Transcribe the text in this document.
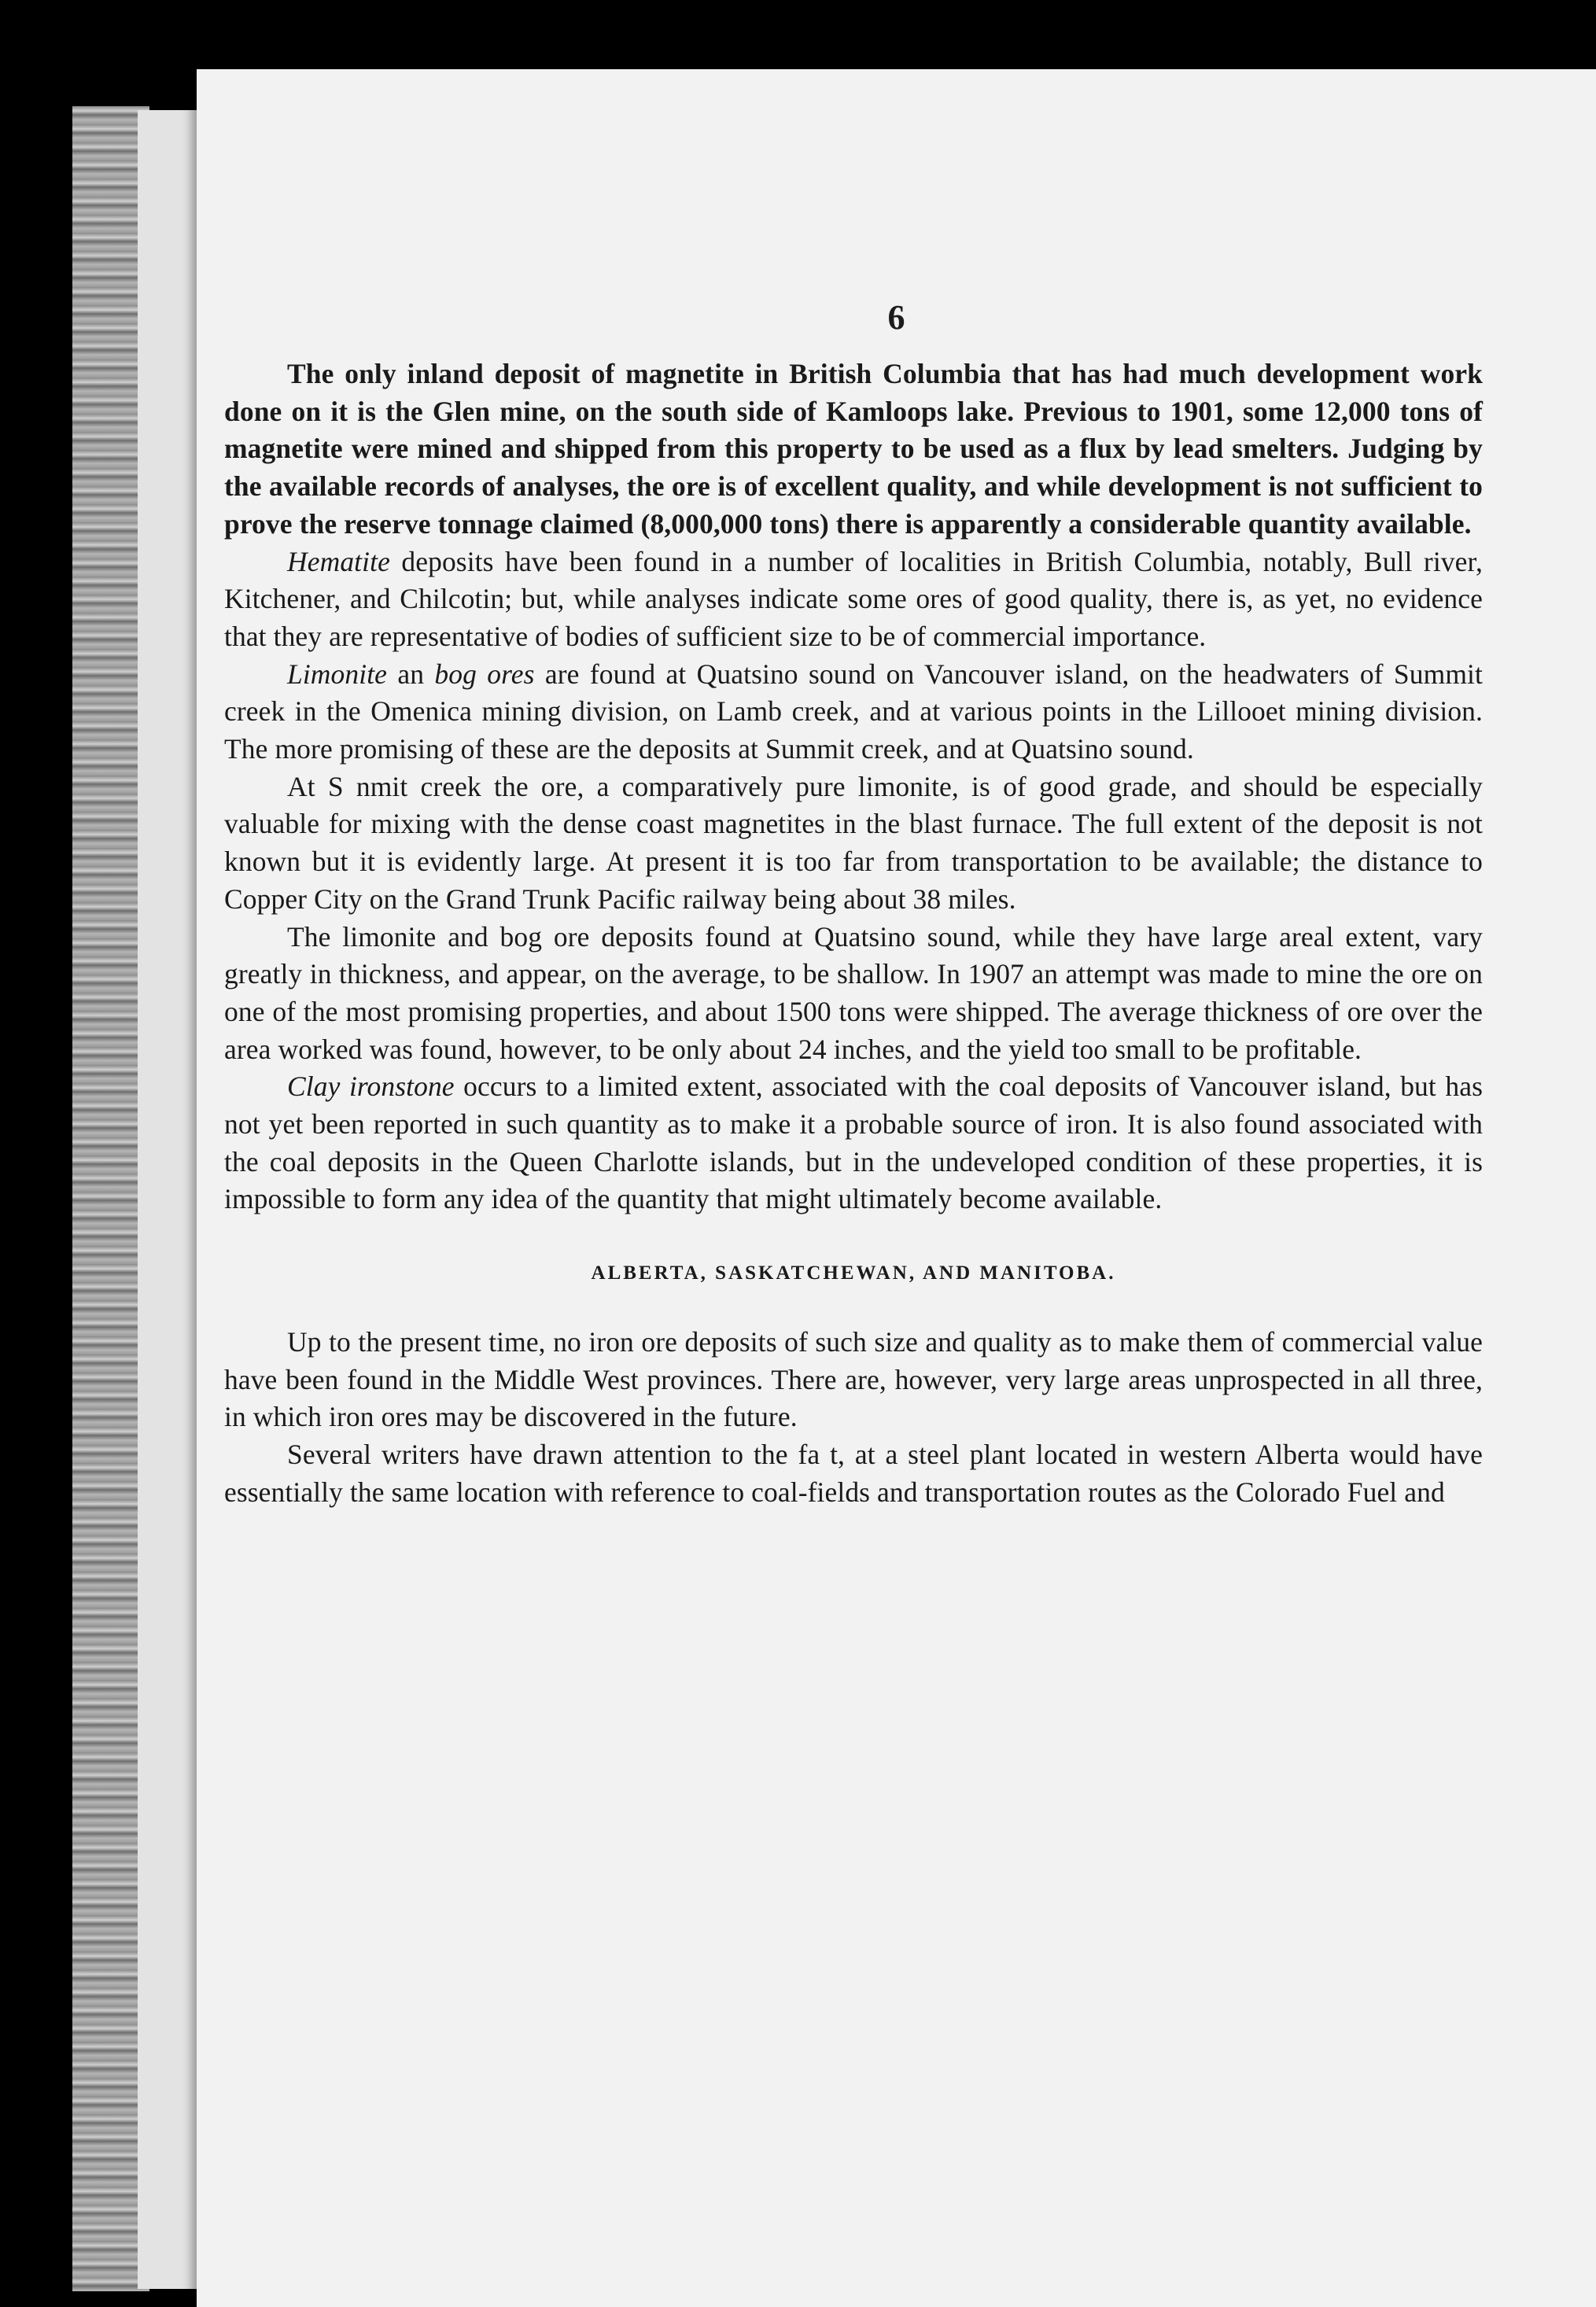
6

The only inland deposit of magnetite in British Columbia that has had much development work done on it is the Glen mine, on the south side of Kamloops lake. Previous to 1901, some 12,000 tons of magnetite were mined and shipped from this property to be used as a flux by lead smelters. Judging by the available records of analyses, the ore is of excellent quality, and while development is not sufficient to prove the reserve tonnage claimed (8,000,000 tons) there is apparently a considerable quantity available.

Hematite deposits have been found in a number of localities in British Columbia, notably, Bull river, Kitchener, and Chilcotin; but, while analyses indicate some ores of good quality, there is, as yet, no evidence that they are representative of bodies of sufficient size to be of commercial importance.

Limonite an bog ores are found at Quatsino sound on Vancouver island, on the headwaters of Summit creek in the Omenica mining division, on Lamb creek, and at various points in the Lillooet mining division. The more promising of these are the deposits at Summit creek, and at Quatsino sound.

At S nmit creek the ore, a comparatively pure limonite, is of good grade, and should be especially valuable for mixing with the dense coast magnetites in the blast furnace. The full extent of the deposit is not known but it is evidently large. At present it is too far from transportation to be available; the distance to Copper City on the Grand Trunk Pacific railway being about 38 miles.

The limonite and bog ore deposits found at Quatsino sound, while they have large areal extent, vary greatly in thickness, and appear, on the average, to be shallow. In 1907 an attempt was made to mine the ore on one of the most promising properties, and about 1500 tons were shipped. The average thickness of ore over the area worked was found, however, to be only about 24 inches, and the yield too small to be profitable.

Clay ironstone occurs to a limited extent, associated with the coal deposits of Vancouver island, but has not yet been reported in such quantity as to make it a probable source of iron. It is also found associated with the coal deposits in the Queen Charlotte islands, but in the undeveloped condition of these properties, it is impossible to form any idea of the quantity that might ultimately become available.

ALBERTA, SASKATCHEWAN, AND MANITOBA.

Up to the present time, no iron ore deposits of such size and quality as to make them of commercial value have been found in the Middle West provinces. There are, however, very large areas unprospected in all three, in which iron ores may be discovered in the future.

Several writers have drawn attention to the fa t, at a steel plant located in western Alberta would have essentially the same location with reference to coal-fields and transportation routes as the Colorado Fuel and
